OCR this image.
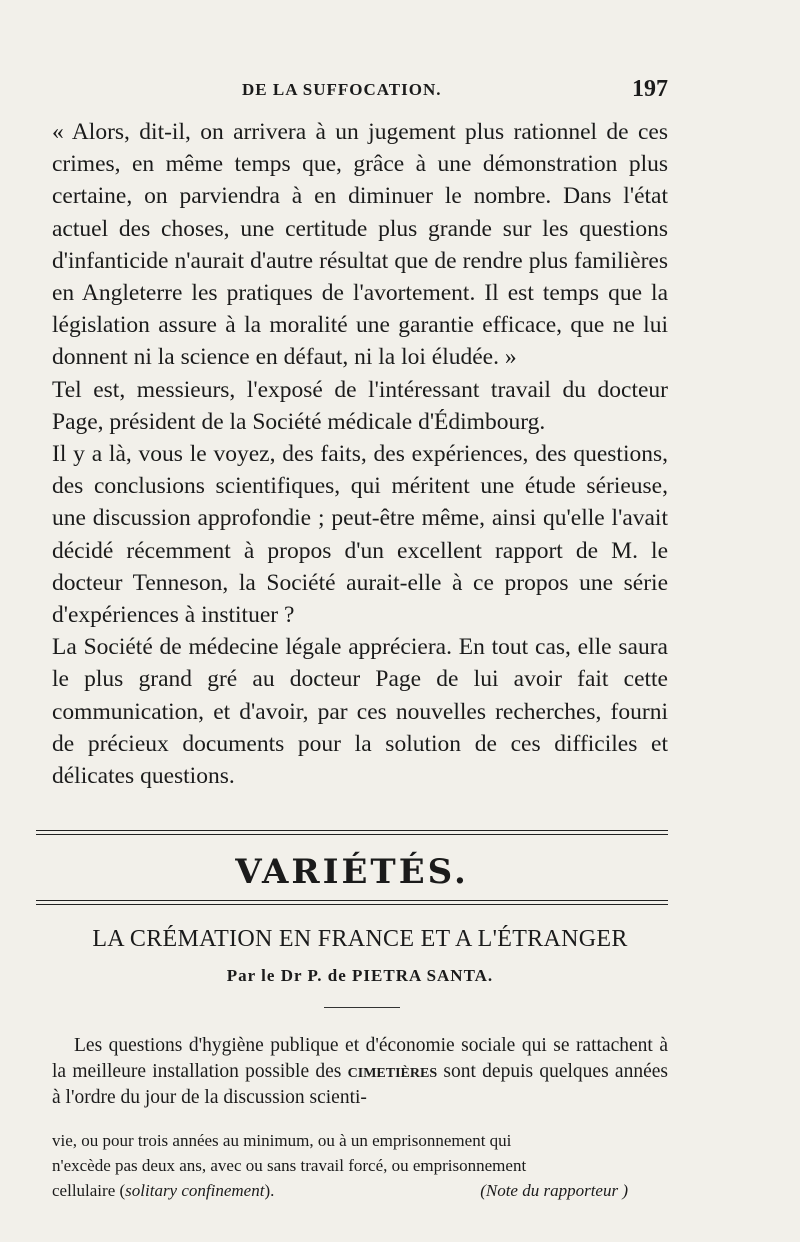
DE LA SUFFOCATION.	197

« Alors, dit-il, on arrivera à un jugement plus rationnel de ces crimes, en même temps que, grâce à une démonstration plus certaine, on parviendra à en diminuer le nombre. Dans l'état actuel des choses, une certitude plus grande sur les questions d'infanticide n'aurait d'autre résultat que de rendre plus familières en Angleterre les pratiques de l'avortement. Il est temps que la législation assure à la moralité une garantie efficace, que ne lui donnent ni la science en défaut, ni la loi éludée. »

Tel est, messieurs, l'exposé de l'intéressant travail du docteur Page, président de la Société médicale d'Édimbourg.

Il y a là, vous le voyez, des faits, des expériences, des questions, des conclusions scientifiques, qui méritent une étude sérieuse, une discussion approfondie ; peut-être même, ainsi qu'elle l'avait décidé récemment à propos d'un excellent rapport de M. le docteur Tenneson, la Société aurait-elle à ce propos une série d'expériences à instituer ?

La Société de médecine légale appréciera. En tout cas, elle saura le plus grand gré au docteur Page de lui avoir fait cette communication, et d'avoir, par ces nouvelles recherches, fourni de précieux documents pour la solution de ces difficiles et délicates questions.

VARIÉTÉS.
LA CRÉMATION EN FRANCE ET A L'ÉTRANGER
Par le Dr P. de PIETRA SANTA.

Les questions d'hygiène publique et d'économie sociale qui se rattachent à la meilleure installation possible des cimetières sont depuis quelques années à l'ordre du jour de la discussion scienti-

vie, ou pour trois années au minimum, ou à un emprisonnement qui
n'excède pas deux ans, avec ou sans travail forcé, ou emprisonnement
cellulaire (solitary confinement).	(Note du rapporteur )
